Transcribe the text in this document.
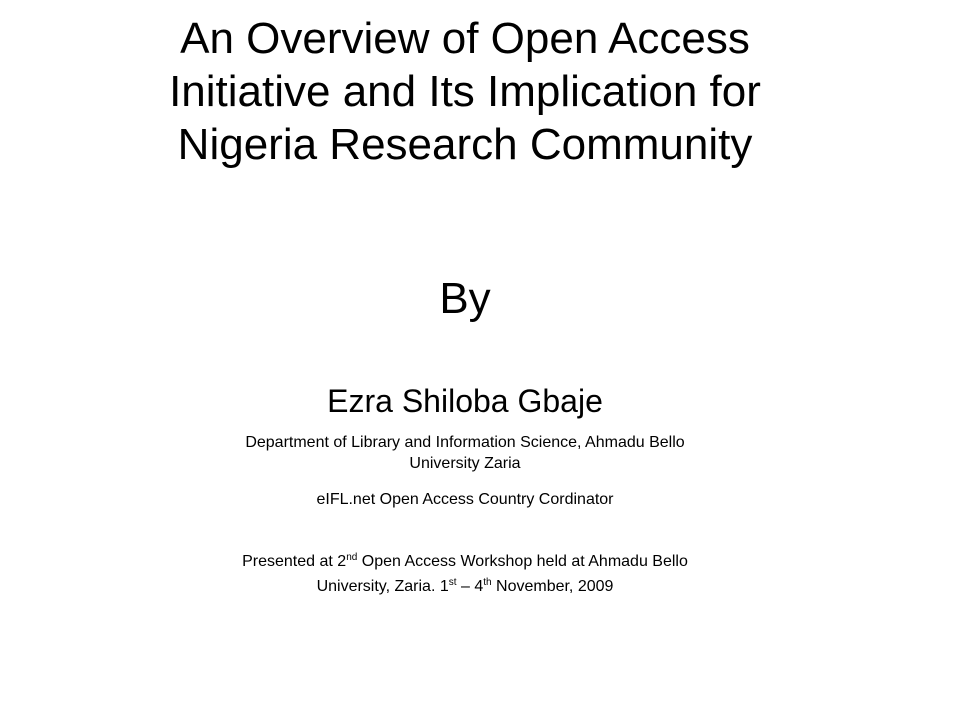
An Overview of Open Access
Initiative and Its Implication for
Nigeria Research Community
By
Ezra Shiloba Gbaje
Department of Library and Information Science, Ahmadu Bello
University Zaria
eIFL.net Open Access Country Cordinator
Presented at 2nd Open Access Workshop held at Ahmadu Bello
University, Zaria. 1st – 4th November, 2009
